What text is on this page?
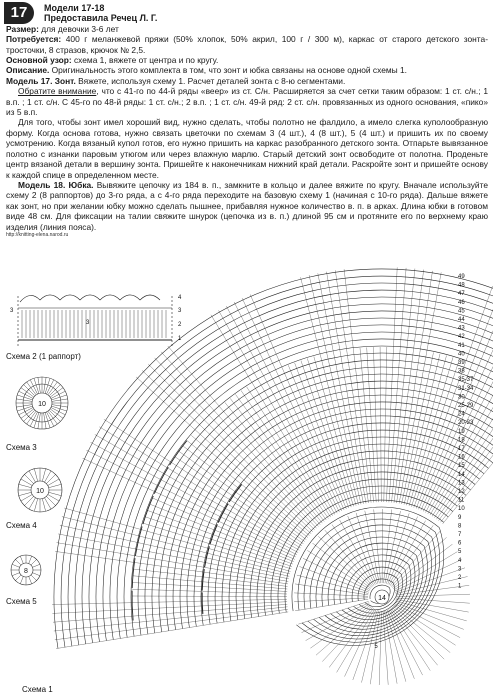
17	Модели 17-18

Предоставила Речец Л. Г.

Размер: для девочки 3-6 лет

Потребуется: 400 г меланжевой пряжи (50% хлопок, 50% акрил, 100 г / 300 м), каркас от старого детского зонта-тросточки, 8 стразов, крючок № 2,5.

Основной узор: схема 1, вяжете от центра и по кругу.

Описание. Оригинальность этого комплекта в том, что зонт и юбка связаны на основе одной схемы 1.

Модель 17. Зонт. Вяжете, используя схему 1. Расчет деталей зонта с 8-ю сегментами.

Обратите внимание, что с 41-го по 44-й ряды «веер» из ст. С/н. Расширяется за счет сетки таким образом: 1 ст. с/н.; 1 в.п. ; 1 ст. с/н. С 45-го по 48-й ряды: 1 ст. с/н.; 2 в.п. ; 1 ст. с/н. 49-й ряд: 2 ст. с/н. провязанных из одного основания, «пико» из 5 в.п.

Для того, чтобы зонт имел хороший вид, нужно сделать, чтобы полотно не фалдило, а имело слегка куполообразную форму. Когда основа готова, нужно связать цветочки по схемам 3 (4 шт.), 4 (8 шт.), 5 (4 шт.) и пришить их по своему усмотрению. Когда вязаный купол готов, его нужно пришить на каркас разобранного детского зонта. Отпарьте вывязанное полотно с изнанки паровым утюгом или через влажную марлю. Старый детский зонт освободите от полотна. Проденьте центр вязаной детали в вершину зонта. Пришейте к наконечникам нижний край детали. Раскройте зонт и пришейте основу к каждой спице в определенном месте.

Модель 18. Юбка. Вывяжите цепочку из 184 в. п., замкните в кольцо и далее вяжите по кругу. Вначале используйте схему 2 (8 раппортов) до 3-го ряда, а с 4-го ряда переходите на базовую схему 1 (начиная с 10-го ряда). Дальше вяжете как зонт, но при желании юбку можно сделать пышнее, прибавляя нужное количество в. п. в арках. Длина юбки в готовом виде 48 см. Для фиксации на талии свяжите шнурок (цепочка из в. п.) длиной 95 см и протяните его по верхнему краю изделия (линия пояса).

http://knitting-elena.narod.ru

14
5
49
48
47
46
45
44
43
42
41
40
39
38
35-37
31-34
30
25-29
24
20-23
19
18
17
16
15
14
13
12
11
10
9
8
7
6
5
4
3
2
1
4
3
2
1
3
3
Схема 2 (1 раппорт)
10
Схема 3
10
Схема 4
8
Схема 5
Схема 1
